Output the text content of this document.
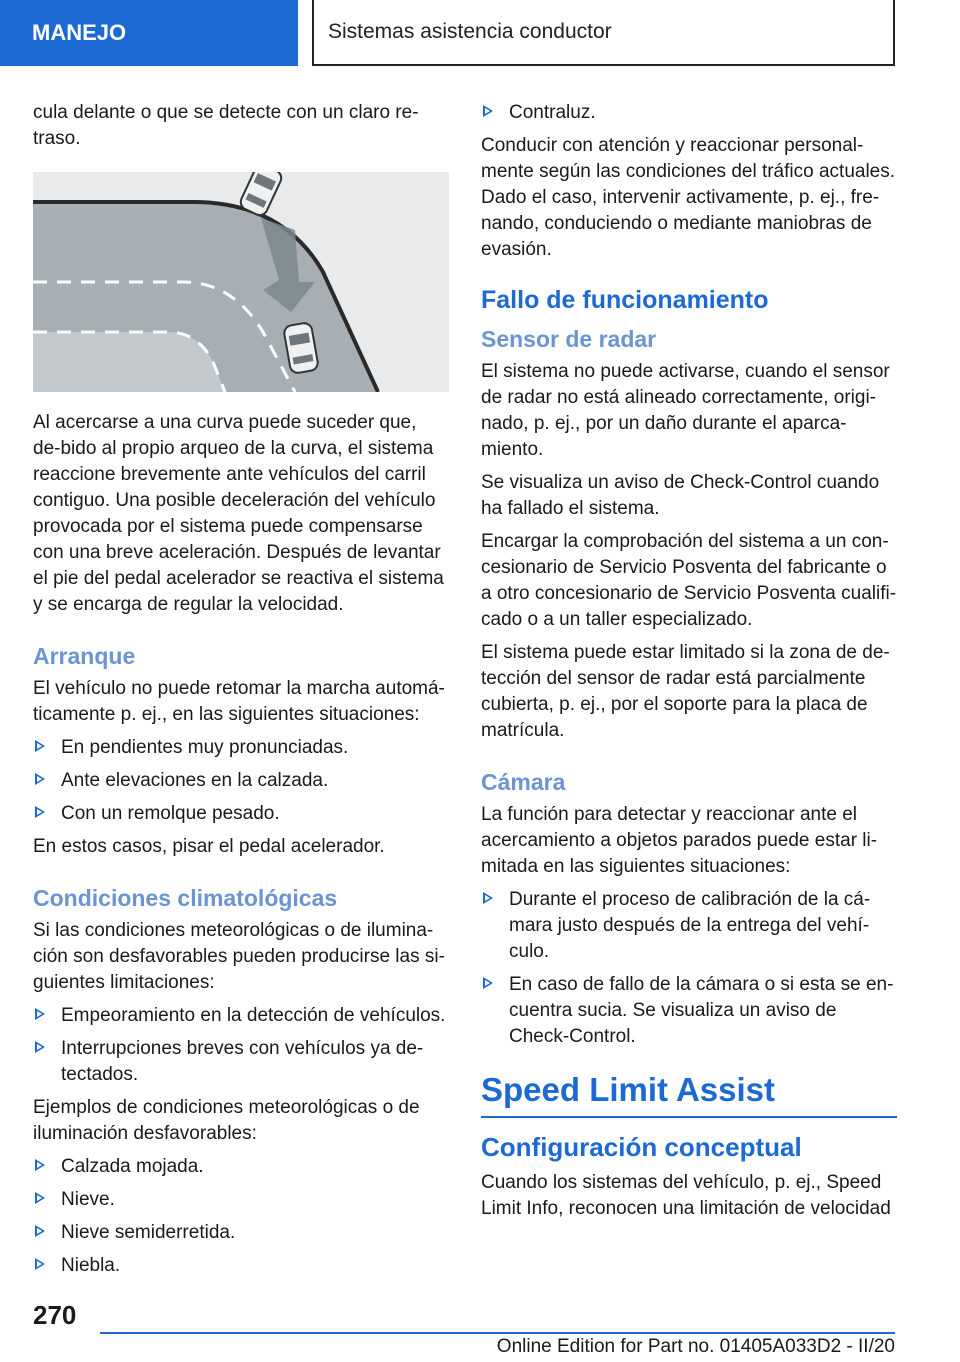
MANEJO	Sistemas asistencia conductor

cula delante o que se detecte con un claro re-traso.

Al acercarse a una curva puede suceder que, de-bido al propio arqueo de la curva, el sistema reaccione brevemente ante vehículos del carril contiguo. Una posible deceleración del vehículo provocada por el sistema puede compensarse con una breve aceleración. Después de levantar el pie del pedal acelerador se reactiva el sistema y se encarga de regular la velocidad.

Arranque

El vehículo no puede retomar la marcha automá-ticamente p. ej., en las siguientes situaciones:

En pendientes muy pronunciadas.
Ante elevaciones en la calzada.
Con un remolque pesado.

En estos casos, pisar el pedal acelerador.

Condiciones climatológicas

Si las condiciones meteorológicas o de ilumina-ción son desfavorables pueden producirse las si-guientes limitaciones:

Empeoramiento en la detección de vehículos.
Interrupciones breves con vehículos ya de-tectados.

Ejemplos de condiciones meteorológicas o de iluminación desfavorables:

Calzada mojada.
Nieve.
Nieve semiderretida.
Niebla.
Contraluz.

Conducir con atención y reaccionar personal-mente según las condiciones del tráfico actuales. Dado el caso, intervenir activamente, p. ej., fre-nando, conduciendo o mediante maniobras de evasión.

Fallo de funcionamiento
Sensor de radar

El sistema no puede activarse, cuando el sensor de radar no está alineado correctamente, origi-nado, p. ej., por un daño durante el aparca-miento.

Se visualiza un aviso de Check-Control cuando ha fallado el sistema.

Encargar la comprobación del sistema a un con-cesionario de Servicio Posventa del fabricante o a otro concesionario de Servicio Posventa cualifi-cado o a un taller especializado.

El sistema puede estar limitado si la zona de de-tección del sensor de radar está parcialmente cubierta, p. ej., por el soporte para la placa de matrícula.

Cámara

La función para detectar y reaccionar ante el acercamiento a objetos parados puede estar li-mitada en las siguientes situaciones:

Durante el proceso de calibración de la cá-mara justo después de la entrega del vehí-culo.
En caso de fallo de la cámara o si esta se en-cuentra sucia. Se visualiza un aviso de Check-Control.
Speed Limit Assist
Configuración conceptual

Cuando los sistemas del vehículo, p. ej., Speed Limit Info, reconocen una limitación de velocidad

270
Online Edition for Part no. 01405A033D2 - II/20
